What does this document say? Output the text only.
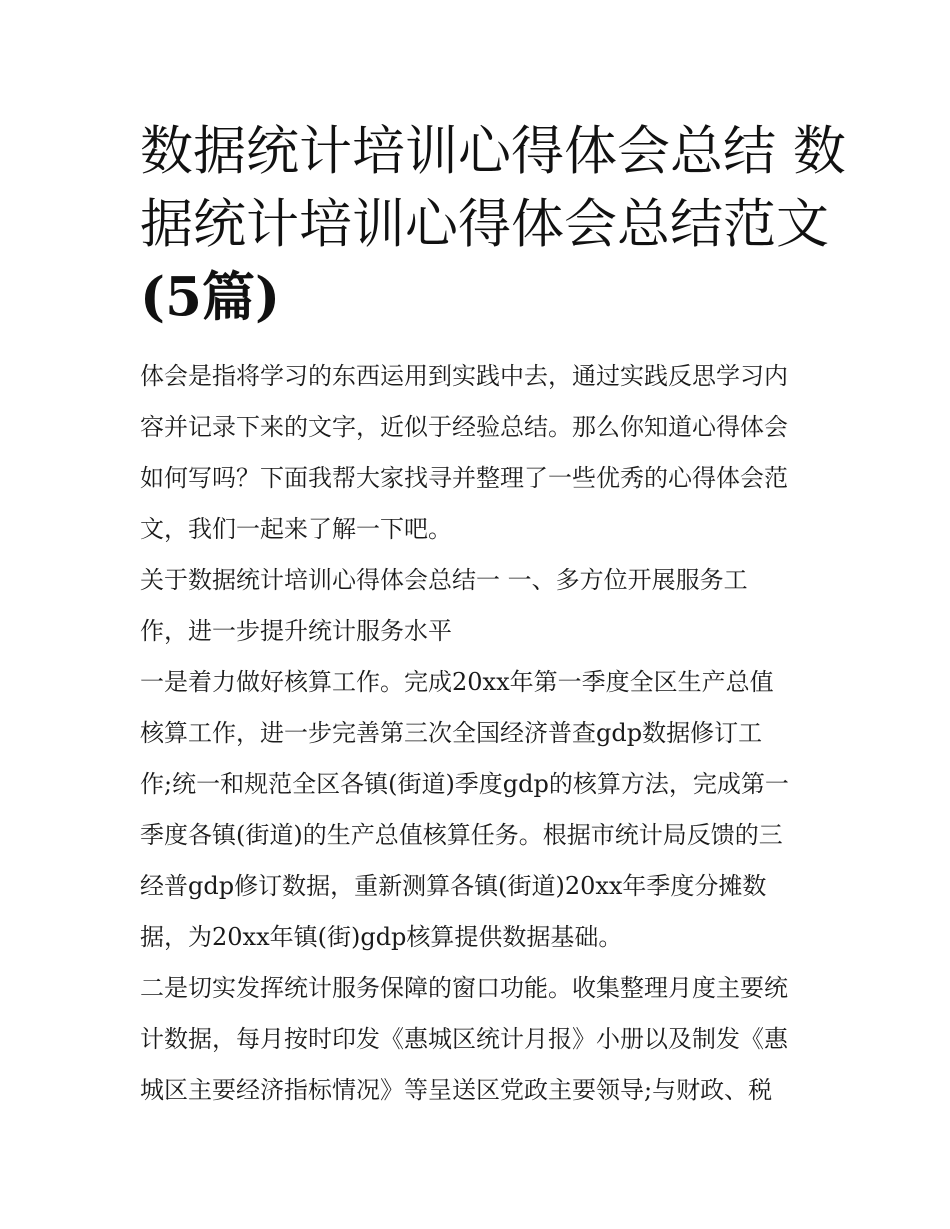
数据统计培训心得体会总结 数
据统计培训心得体会总结范文
(5篇)
体会是指将学习的东西运用到实践中去，通过实践反思学习内
容并记录下来的文字，近似于经验总结。那么你知道心得体会
如何写吗？下面我帮大家找寻并整理了一些优秀的心得体会范
文，我们一起来了解一下吧。
关于数据统计培训心得体会总结一 一、多方位开展服务工
作，进一步提升统计服务水平
一是着力做好核算工作。完成20xx年第一季度全区生产总值
核算工作，进一步完善第三次全国经济普查gdp数据修订工
作;统一和规范全区各镇(街道)季度gdp的核算方法，完成第一
季度各镇(街道)的生产总值核算任务。根据市统计局反馈的三
经普gdp修订数据，重新测算各镇(街道)20xx年季度分摊数
据，为20xx年镇(街)gdp核算提供数据基础。
二是切实发挥统计服务保障的窗口功能。收集整理月度主要统
计数据，每月按时印发《惠城区统计月报》小册以及制发《惠
城区主要经济指标情况》等呈送区党政主要领导;与财政、税
